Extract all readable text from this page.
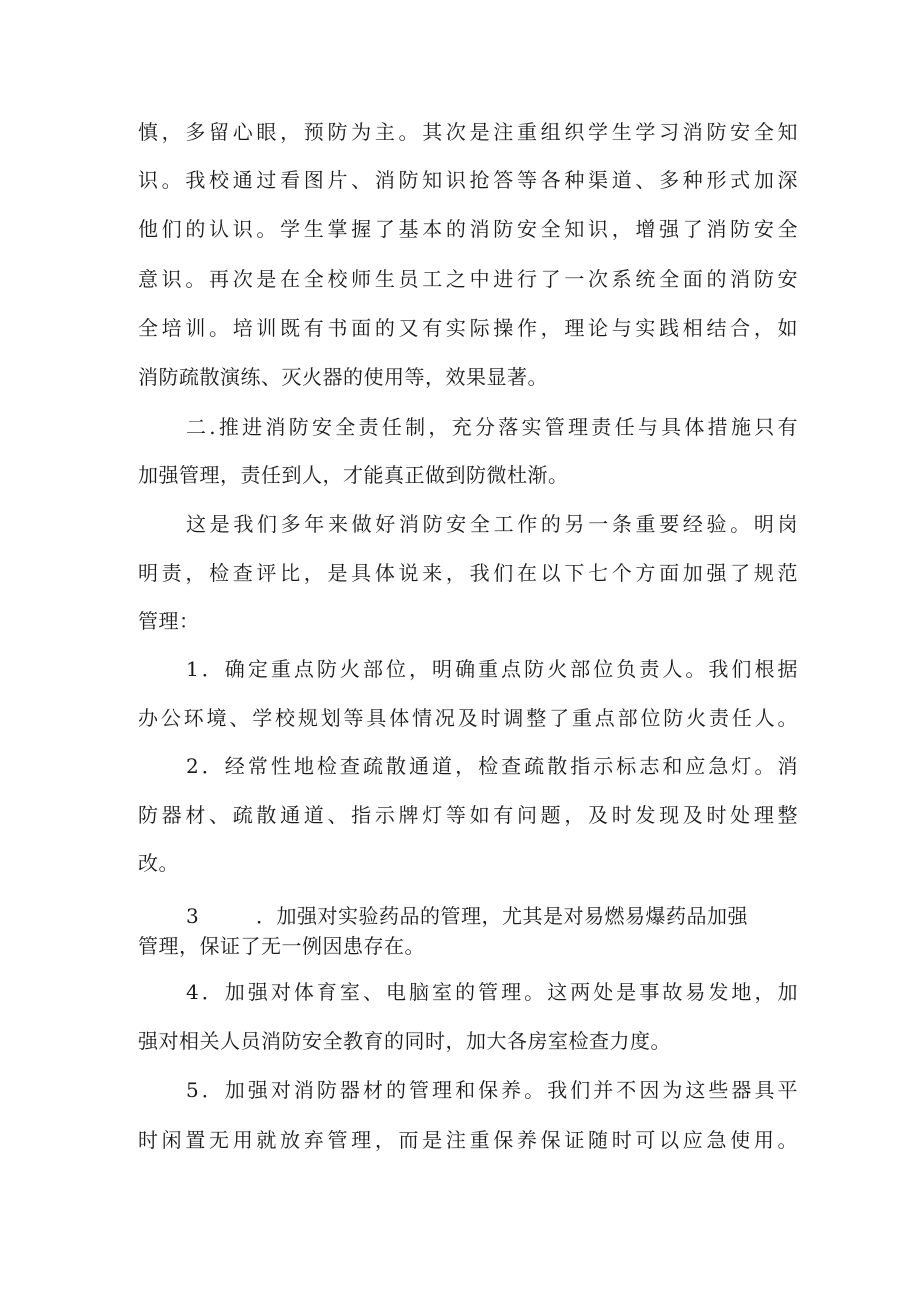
慎，多留心眼，预防为主。其次是注重组织学生学习消防安全知
识。我校通过看图片、消防知识抢答等各种渠道、多种形式加深
他们的认识。学生掌握了基本的消防安全知识，增强了消防安全
意识。再次是在全校师生员工之中进行了一次系统全面的消防安
全培训。培训既有书面的又有实际操作，理论与实践相结合，如
消防疏散演练、灭火器的使用等，效果显著。
二.推进消防安全责任制，充分落实管理责任与具体措施只有
加强管理，责任到人，才能真正做到防微杜渐。
这是我们多年来做好消防安全工作的另一条重要经验。明岗
明责，检查评比，是具体说来，我们在以下七个方面加强了规范
管理：
1．确定重点防火部位，明确重点防火部位负责人。我们根据
办公环境、学校规划等具体情况及时调整了重点部位防火责任人。
2．经常性地检查疏散通道，检查疏散指示标志和应急灯。消
防器材、疏散通道、指示牌灯等如有问题，及时发现及时处理整
改。
3	．加强对实验药品的管理，尤其是对易燃易爆药品加强
管理，保证了无一例因患存在。
4．加强对体育室、电脑室的管理。这两处是事故易发地，加
强对相关人员消防安全教育的同时，加大各房室检查力度。
5．加强对消防器材的管理和保养。我们并不因为这些器具平
时闲置无用就放弃管理，而是注重保养保证随时可以应急使用。
